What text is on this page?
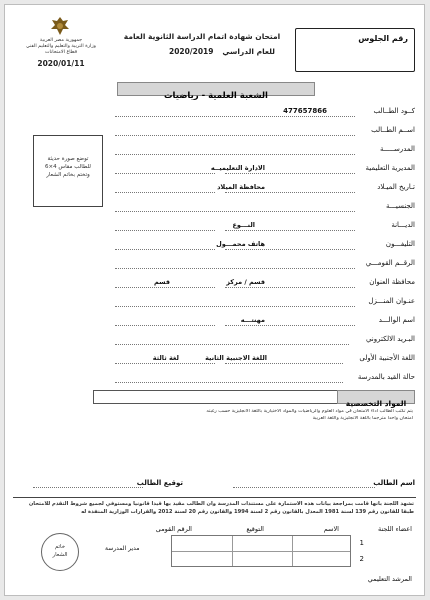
جمهورية مصر العربية
وزارة التربية والتعليم والتعليم الفني
قطاع الامتحانات
2020/01/11
امتحان شهادة اتمام الدراسة الثانوية العامة
للعام الدراسي
2020/2019
رقم الجلوس
الشعبة العلمية - رياضيات
توضع صورة حديثة
للطالب مقاس 4×6
وتختم بخاتم الشعار
كــود الطــالب
477657866
اســم الطــالب
المدرســـــة
المديرية التعليمية
الادارة التعليميــه
تـاريخ الميـلاد
محافظة الميلاد
الجنسيـــة
الديـــانة
النـــوع
التليفـــون
هاتف محمـــول
الرقــم القومـــي
محافظة العنوان
قسم / مركز
قسم
عنـوان المنـــزل
اسم الوالـــد
مهنتـــه
البـريد الالكتروني
اللغة الأجنبية الأولى
اللغة الاجنبية الثانية
لغة ثالثة
حالة القيد بالمدرسة
المواد التخصصية
يتم تكتب الطالب أداء الامتحان في مواد العلوم والرياضيات والمواد الاختيارية باللغة الانجليزية حسب رغبته
امتحان واحدا مترجما باللغة الانجليزية واللغة العربية
توقيع الطالب	اسم الطالب
تشهد اللجنة بأنها قامت بمراجعة بيانات هذه الاستمارة على مستندات المدرسة وان الطالب مقيد بها قيدا قانونيا ومستوفي لجميع شروط التقدم للامتحان
طبقا للقانون رقم 139 لسنة 1981 المعدل بالقانون رقم 2 لسنة 1994 والقانون رقم 20 لسنة 2012 والقرارات الوزارية المنفذة له
اعضاء اللجنة
الاسم
التوقيع
الرقم القومى
1
2
المرشد التعليمي
مدير المدرسة
خاتم
الشعار
